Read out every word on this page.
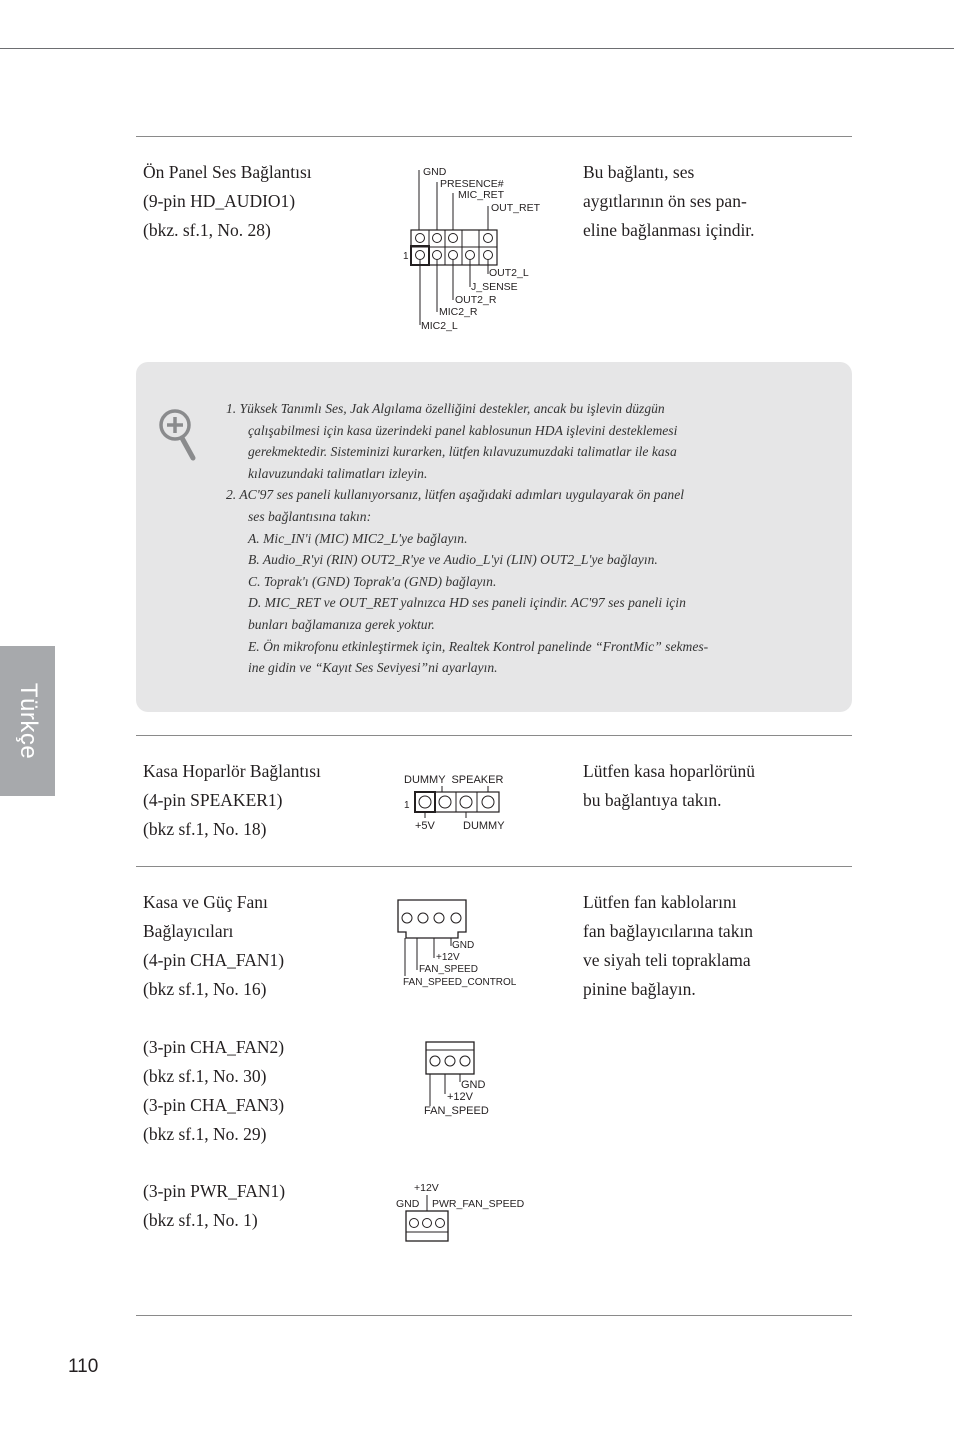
Ön Panel Ses Bağlantısı
(9-pin HD_AUDIO1)
(bkz. sf.1, No. 28)
Bu bağlantı, ses
aygıtlarının ön ses pan-
eline bağlanması içindir.
GND
PRESENCE#
MIC_RET
OUT_RET
1
OUT2_L
J_SENSE
OUT2_R
MIC2_R
MIC2_L
1. Yüksek Tanımlı Ses, Jak Algılama özelliğini destekler, ancak bu işlevin düzgün
çalışabilmesi için kasa üzerindeki panel kablosunun HDA işlevini desteklemesi
gerekmektedir. Sisteminizi kurarken, lütfen kılavuzumuzdaki talimatlar ile kasa
kılavuzundaki talimatları izleyin.
2. AC'97 ses paneli kullanıyorsanız, lütfen aşağıdaki adımları uygulayarak ön panel
ses bağlantısına takın:
A. Mic_IN'i (MIC) MIC2_L'ye bağlayın.
B. Audio_R'yi (RIN) OUT2_R'ye ve Audio_L'yi (LIN) OUT2_L'ye bağlayın.
C. Toprak'ı (GND) Toprak'a (GND) bağlayın.
D. MIC_RET ve OUT_RET yalnızca HD ses paneli içindir. AC'97 ses paneli için
bunları bağlamanıza gerek yoktur.
E. Ön mikrofonu etkinleştirmek için, Realtek Kontrol panelinde “FrontMic” sekmes-
ine gidin ve “Kayıt Ses Seviyesi”ni ayarlayın.
Türkçe
Kasa Hoparlör Bağlantısı
(4-pin SPEAKER1)
(bkz sf.1, No. 18)
Lütfen kasa hoparlörünü
bu bağlantıya takın.
DUMMY  SPEAKER
1
+5V	DUMMY
Kasa ve Güç Fanı
Bağlayıcıları
(4-pin CHA_FAN1)
(bkz sf.1, No. 16)
Lütfen fan kablolarını
fan bağlayıcılarına takın
ve siyah teli topraklama
pinine bağlayın.
GND
+12V
FAN_SPEED
FAN_SPEED_CONTROL
(3-pin CHA_FAN2)
(bkz sf.1, No. 30)
(3-pin CHA_FAN3)
(bkz sf.1, No. 29)
GND
+12V
FAN_SPEED
(3-pin PWR_FAN1)
(bkz sf.1, No. 1)
+12V
GND PWR_FAN_SPEED
110
